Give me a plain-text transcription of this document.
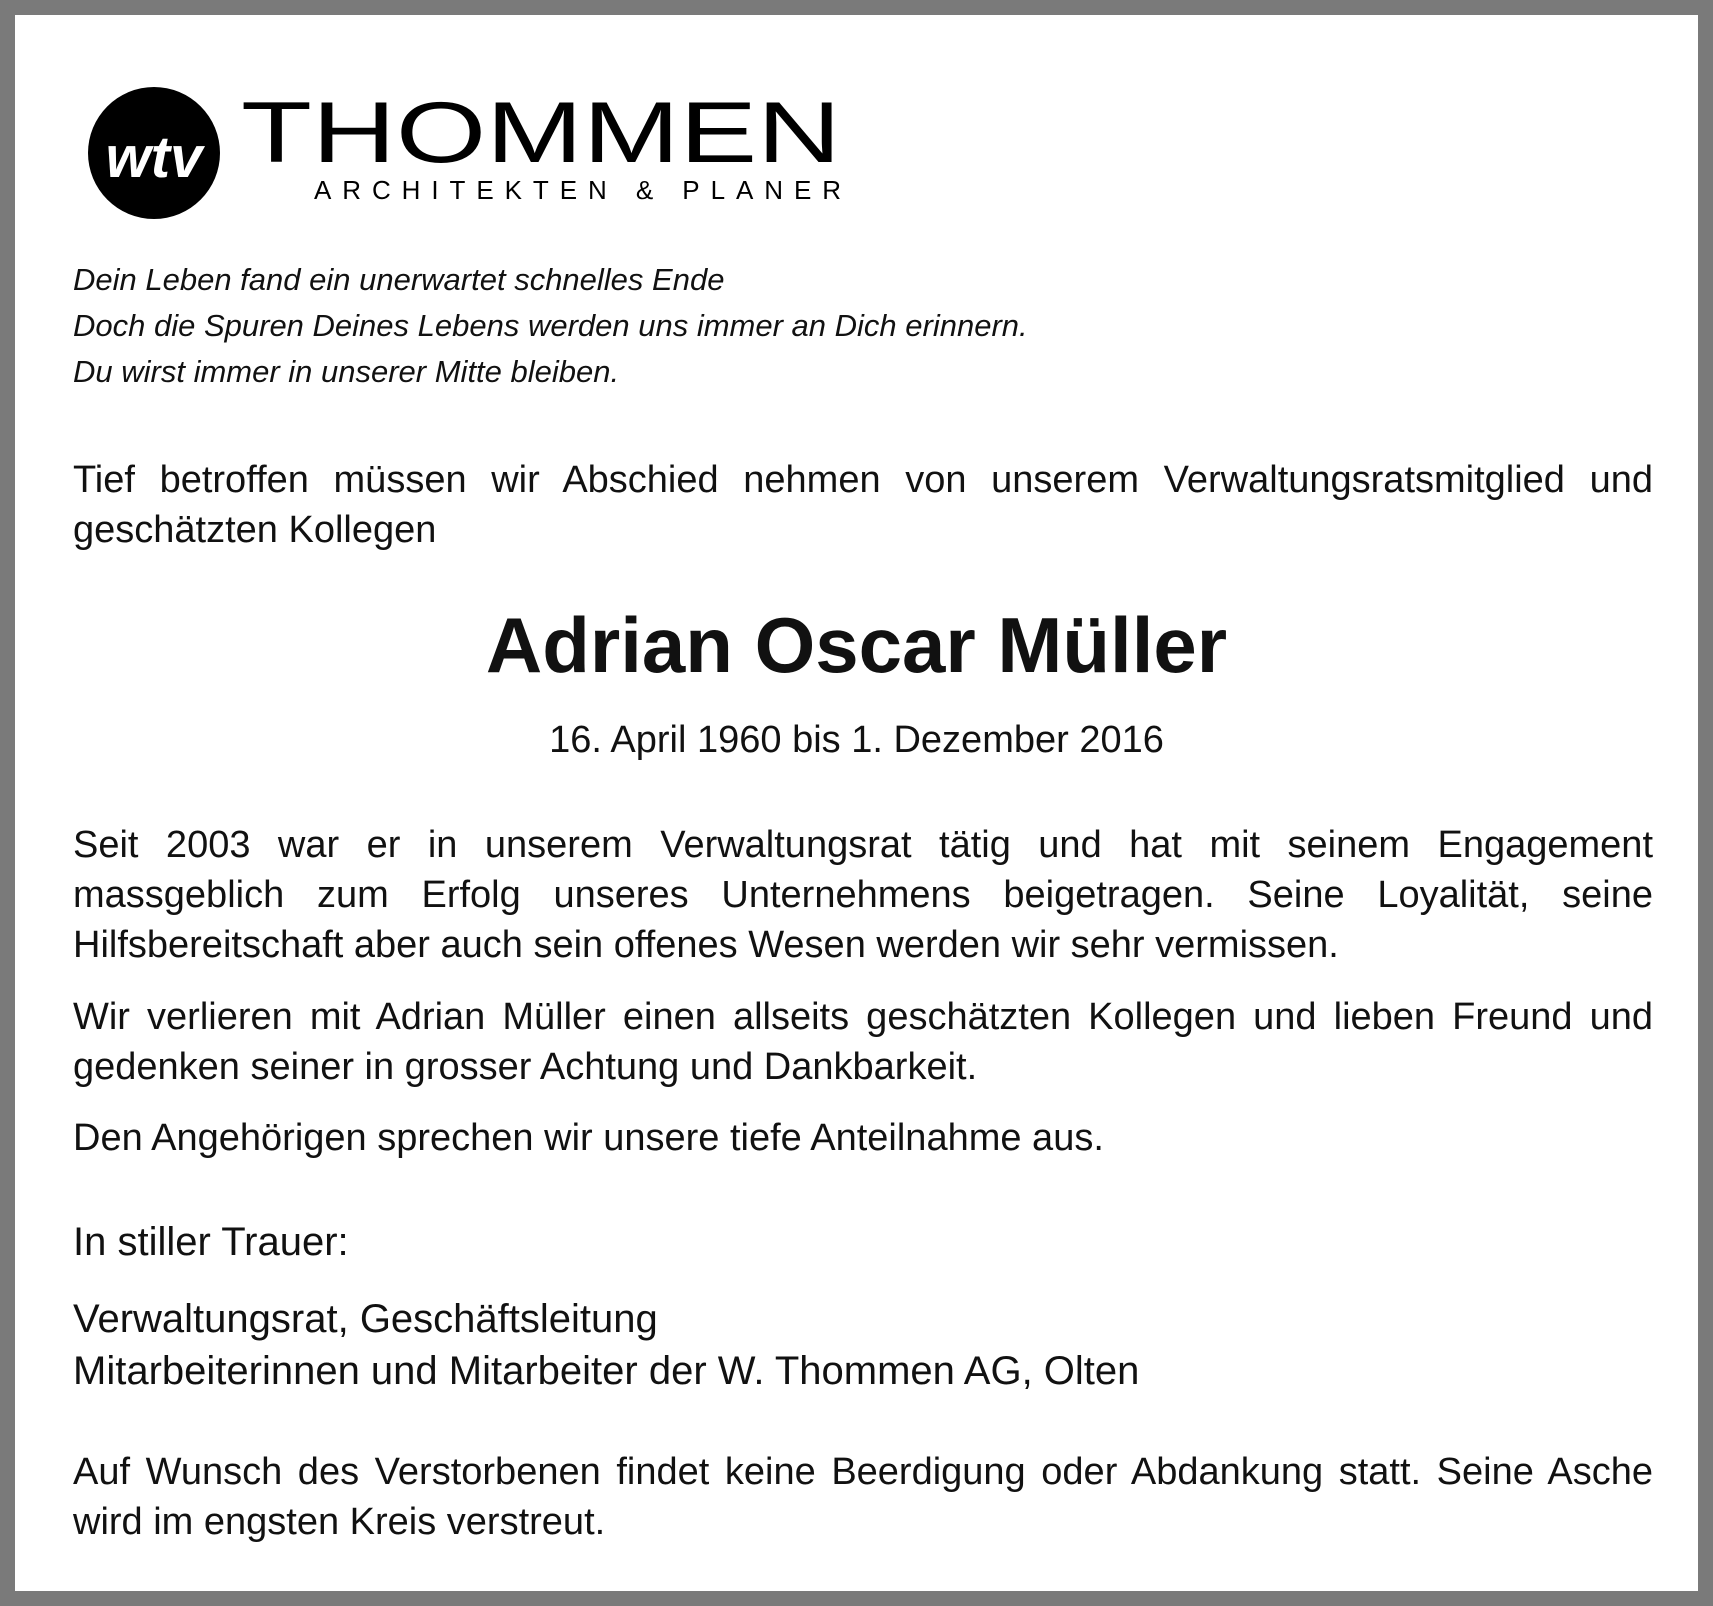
wtv THOMMEN
ARCHITEKTEN & PLANER
Dein Leben fand ein unerwartet schnelles Ende
Doch die Spuren Deines Lebens werden uns immer an Dich erinnern.
Du wirst immer in unserer Mitte bleiben.
Tief betroffen müssen wir Abschied nehmen von unserem Verwaltungsratsmitglied und geschätzten Kollegen
Adrian Oscar Müller
16. April 1960 bis 1. Dezember 2016
Seit 2003 war er in unserem Verwaltungsrat tätig und hat mit seinem Engagement massgeblich zum Erfolg unseres Unternehmens beigetragen. Seine Loyalität, seine Hilfsbereitschaft aber auch sein offenes Wesen werden wir sehr vermissen.
Wir verlieren mit Adrian Müller einen allseits geschätzten Kollegen und lieben Freund und gedenken seiner in grosser Achtung und Dankbarkeit.
Den Angehörigen sprechen wir unsere tiefe Anteilnahme aus.
In stiller Trauer:
Verwaltungsrat, Geschäftsleitung
Mitarbeiterinnen und Mitarbeiter der W. Thommen AG, Olten
Auf Wunsch des Verstorbenen findet keine Beerdigung oder Abdankung statt. Seine Asche wird im engsten Kreis verstreut.
